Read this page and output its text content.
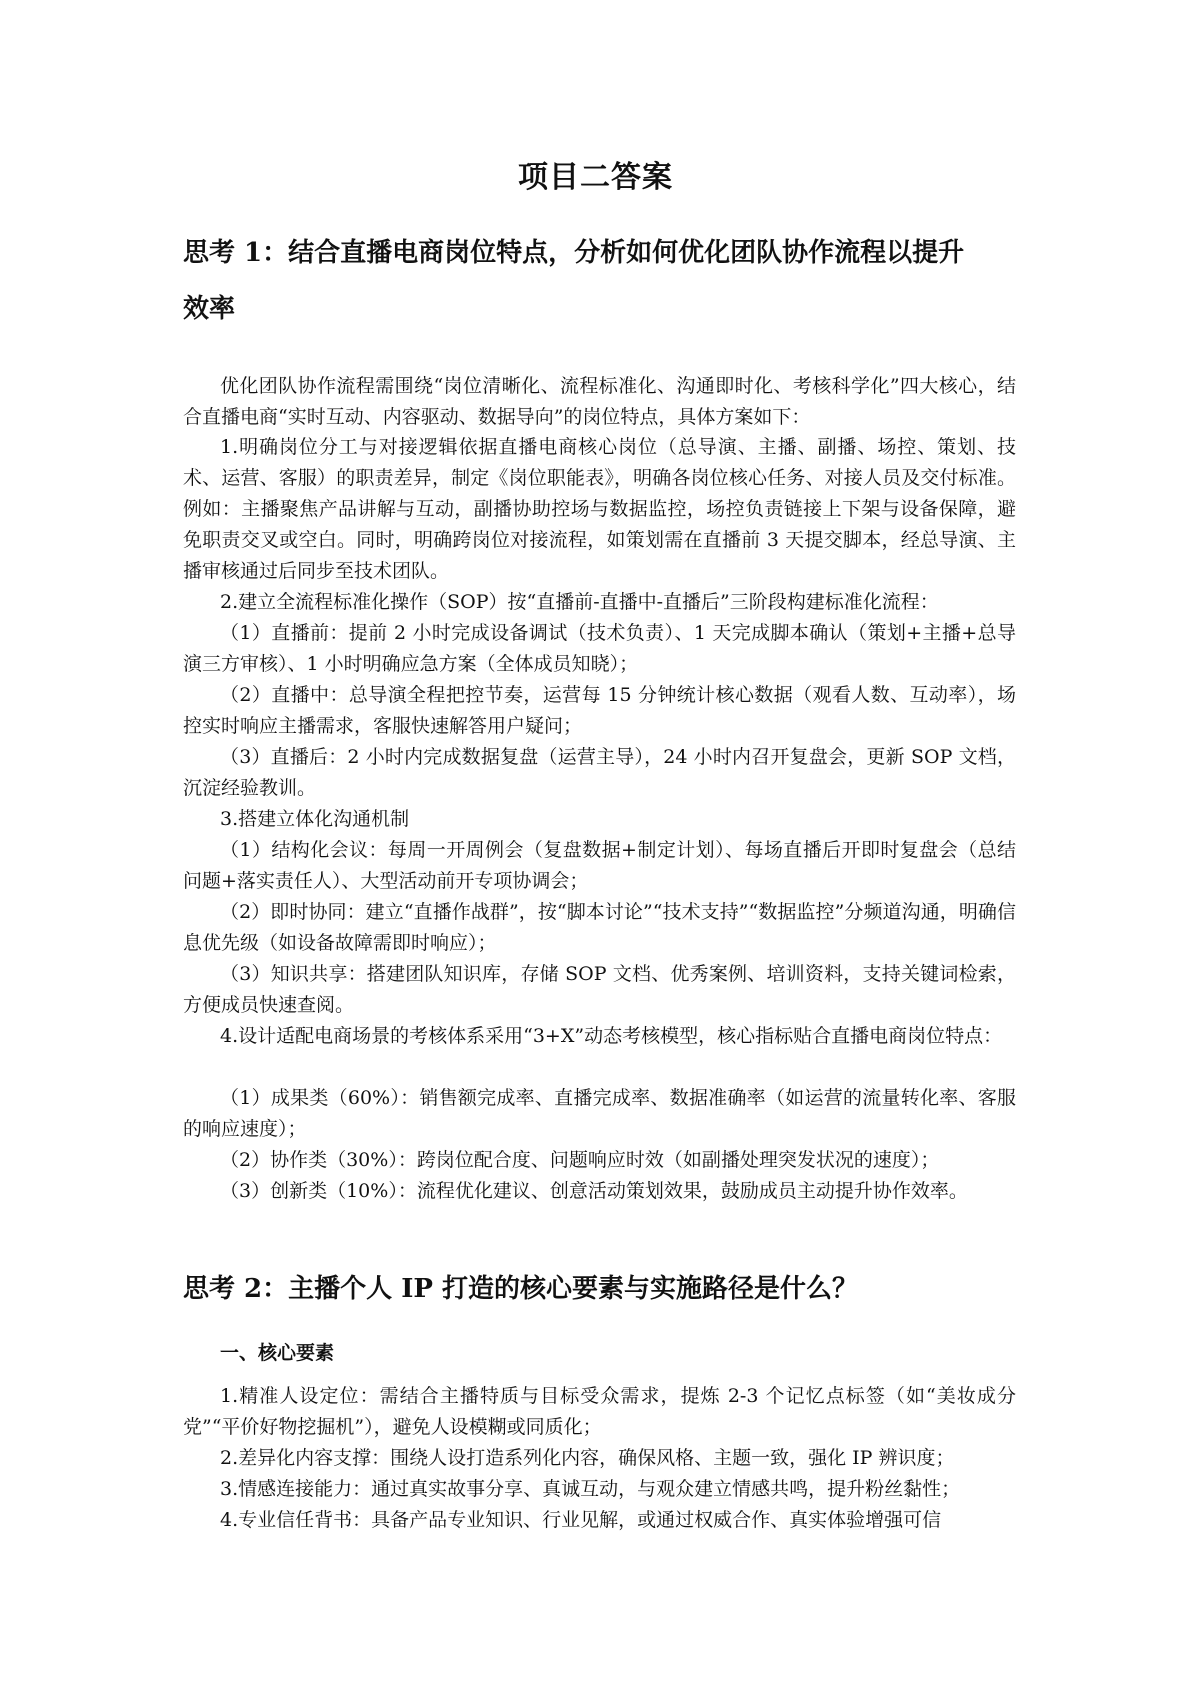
项目二答案
思考 1：结合直播电商岗位特点，分析如何优化团队协作流程以提升
效率
优化团队协作流程需围绕“岗位清晰化、流程标准化、沟通即时化、考核科学化”四大核心，结合直播电商“实时互动、内容驱动、数据导向”的岗位特点，具体方案如下：
1.明确岗位分工与对接逻辑依据直播电商核心岗位（总导演、主播、副播、场控、策划、技术、运营、客服）的职责差异，制定《岗位职能表》，明确各岗位核心任务、对接人员及交付标准。例如：主播聚焦产品讲解与互动，副播协助控场与数据监控，场控负责链接上下架与设备保障，避免职责交叉或空白。同时，明确跨岗位对接流程，如策划需在直播前 3 天提交脚本，经总导演、主播审核通过后同步至技术团队。
2.建立全流程标准化操作（SOP）按“直播前-直播中-直播后”三阶段构建标准化流程：
（1）直播前：提前 2 小时完成设备调试（技术负责）、1 天完成脚本确认（策划+主播+总导演三方审核）、1 小时明确应急方案（全体成员知晓）；
（2）直播中：总导演全程把控节奏，运营每 15 分钟统计核心数据（观看人数、互动率），场控实时响应主播需求，客服快速解答用户疑问；
（3）直播后：2 小时内完成数据复盘（运营主导），24 小时内召开复盘会，更新 SOP 文档，沉淀经验教训。
3.搭建立体化沟通机制
（1）结构化会议：每周一开周例会（复盘数据+制定计划）、每场直播后开即时复盘会（总结问题+落实责任人）、大型活动前开专项协调会；
（2）即时协同：建立“直播作战群”，按“脚本讨论”“技术支持”“数据监控”分频道沟通，明确信息优先级（如设备故障需即时响应）；
（3）知识共享：搭建团队知识库，存储 SOP 文档、优秀案例、培训资料，支持关键词检索，方便成员快速查阅。
4.设计适配电商场景的考核体系采用“3+X”动态考核模型，核心指标贴合直播电商岗位特点：
（1）成果类（60%）：销售额完成率、直播完成率、数据准确率（如运营的流量转化率、客服的响应速度）；
（2）协作类（30%）：跨岗位配合度、问题响应时效（如副播处理突发状况的速度）；
（3）创新类（10%）：流程优化建议、创意活动策划效果，鼓励成员主动提升协作效率。
思考 2：主播个人 IP 打造的核心要素与实施路径是什么？
一、核心要素
1.精准人设定位：需结合主播特质与目标受众需求，提炼 2-3 个记忆点标签（如“美妆成分党”“平价好物挖掘机”），避免人设模糊或同质化；
2.差异化内容支撑：围绕人设打造系列化内容，确保风格、主题一致，强化 IP 辨识度；
3.情感连接能力：通过真实故事分享、真诚互动，与观众建立情感共鸣，提升粉丝黏性；
4.专业信任背书：具备产品专业知识、行业见解，或通过权威合作、真实体验增强可信
